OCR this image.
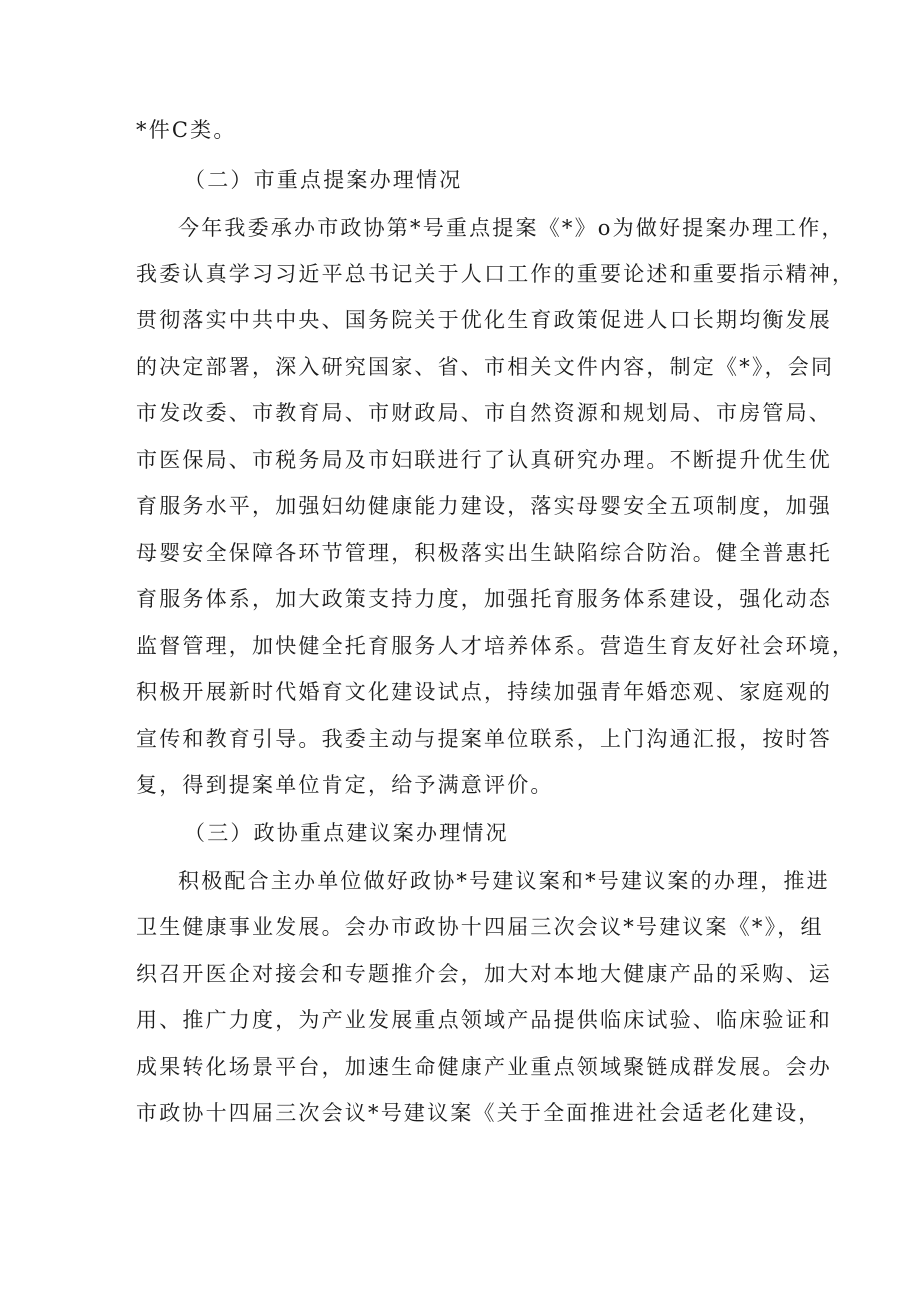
*件C类。
（二）市重点提案办理情况
今年我委承办市政协第*号重点提案《*》o为做好提案办理工作，
我委认真学习习近平总书记关于人口工作的重要论述和重要指示精神，
贯彻落实中共中央、国务院关于优化生育政策促进人口长期均衡发展
的决定部署，深入研究国家、省、市相关文件内容，制定《*》，会同
市发改委、市教育局、市财政局、市自然资源和规划局、市房管局、
市医保局、市税务局及市妇联进行了认真研究办理。不断提升优生优
育服务水平，加强妇幼健康能力建设，落实母婴安全五项制度，加强
母婴安全保障各环节管理，积极落实出生缺陷综合防治。健全普惠托
育服务体系，加大政策支持力度，加强托育服务体系建设，强化动态
监督管理，加快健全托育服务人才培养体系。营造生育友好社会环境，
积极开展新时代婚育文化建设试点，持续加强青年婚恋观、家庭观的
宣传和教育引导。我委主动与提案单位联系，上门沟通汇报，按时答
复，得到提案单位肯定，给予满意评价。
（三）政协重点建议案办理情况
积极配合主办单位做好政协*号建议案和*号建议案的办理，推进
卫生健康事业发展。会办市政协十四届三次会议*号建议案《*》，组
织召开医企对接会和专题推介会，加大对本地大健康产品的采购、运
用、推广力度，为产业发展重点领域产品提供临床试验、临床验证和
成果转化场景平台，加速生命健康产业重点领域聚链成群发展。会办
市政协十四届三次会议*号建议案《关于全面推进社会适老化建设，
